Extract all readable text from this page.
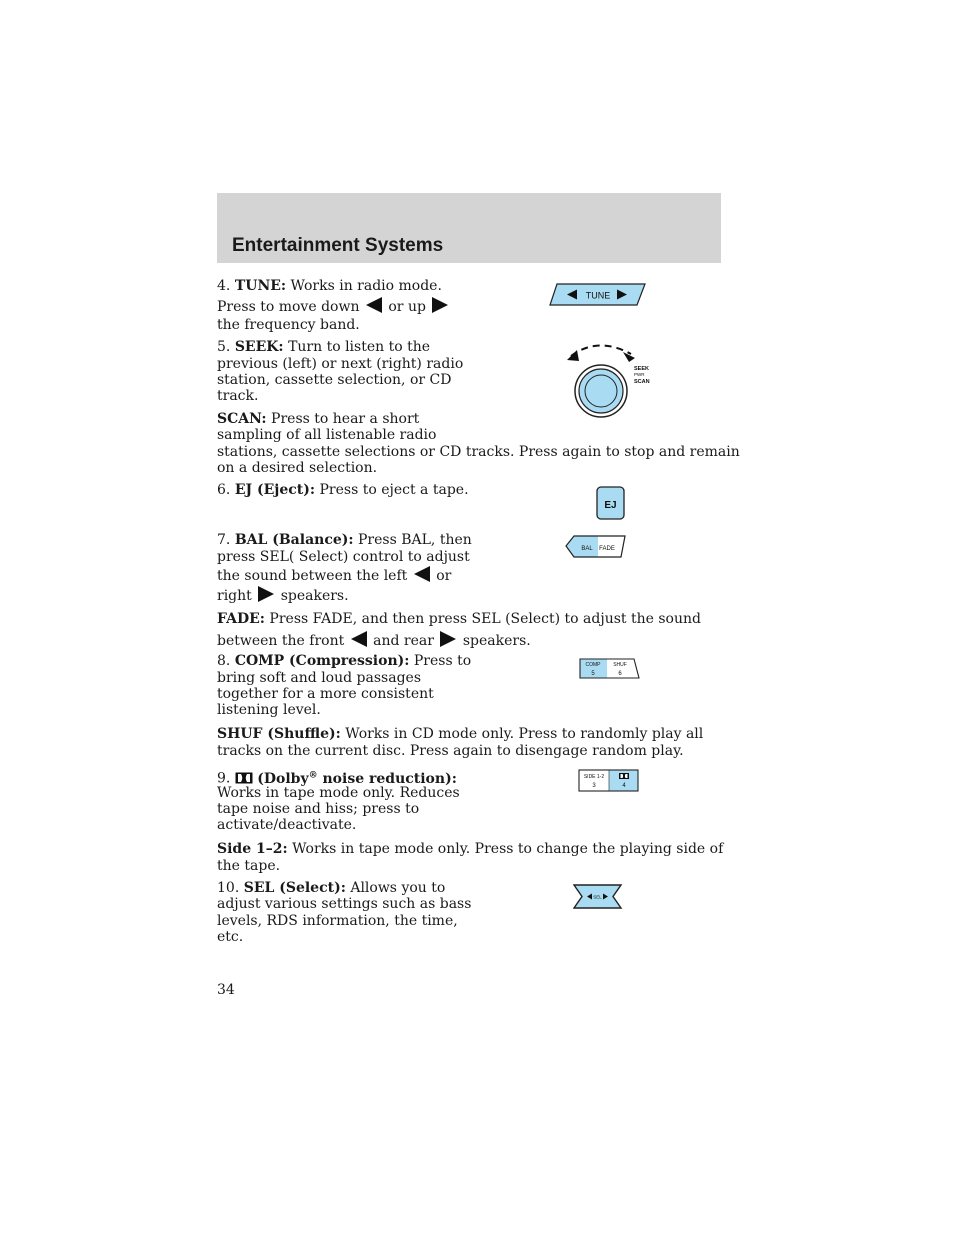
Entertainment Systems
4. TUNE: Works in radio mode.
Press to move down or up
the frequency band.
TUNE
5. SEEK: Turn to listen to the
previous (left) or next (right) radio
station, cassette selection, or CD
track.
SEEK
PWR
SCAN
SCAN: Press to hear a short
sampling of all listenable radio
stations, cassette selections or CD tracks. Press again to stop and remain
on a desired selection.
6. EJ (Eject): Press to eject a tape.
EJ
7. BAL (Balance): Press BAL, then
press SEL( Select) control to adjust
the sound between the left or
right speakers.
BAL FADE
FADE: Press FADE, and then press SEL (Select) to adjust the sound
between the front and rear speakers.
8. COMP (Compression): Press to
bring soft and loud passages
together for a more consistent
listening level.
COMP
5
SHUF
6
SHUF (Shuffle): Works in CD mode only. Press to randomly play all
tracks on the current disc. Press again to disengage random play.
9. (Dolby® noise reduction):
Works in tape mode only. Reduces
tape noise and hiss; press to
activate/deactivate.
SIDE 1-2
3	4
Side 1–2: Works in tape mode only. Press to change the playing side of
the tape.
10. SEL (Select): Allows you to
adjust various settings such as bass
levels, RDS information, the time,
etc.
SEL
34
